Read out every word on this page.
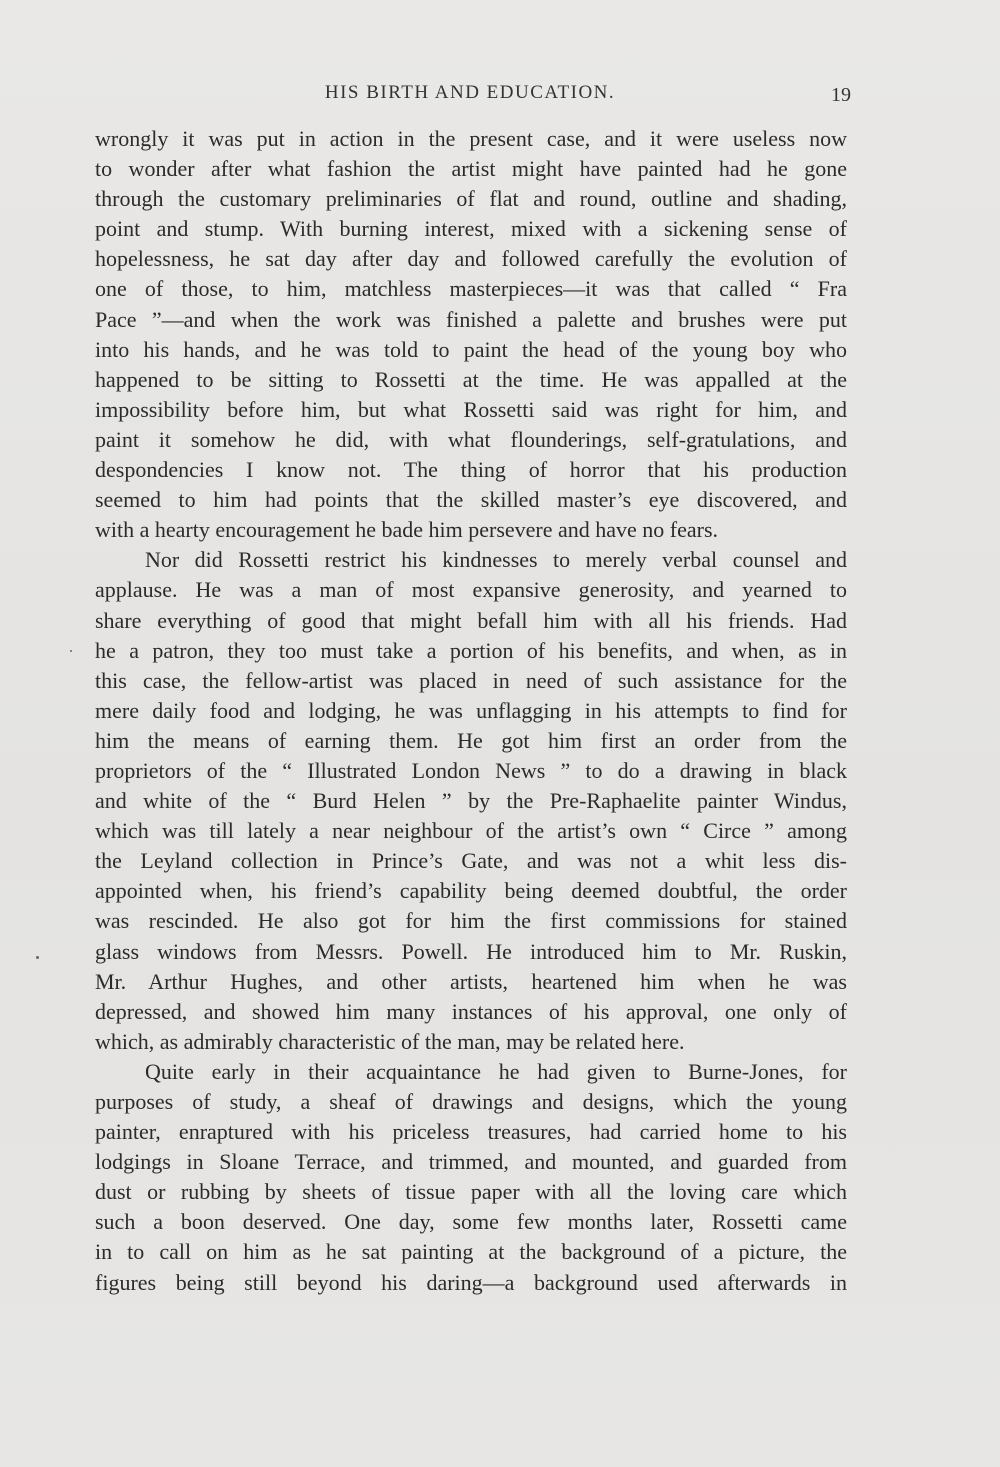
HIS BIRTH AND EDUCATION.	19
wrongly it was put in action in the present case, and it were useless now
to wonder after what fashion the artist might have painted had he gone
through the customary preliminaries of flat and round, outline and shading,
point and stump. With burning interest, mixed with a sickening sense of
hopelessness, he sat day after day and followed carefully the evolution of
one of those, to him, matchless masterpieces—it was that called “ Fra
Pace ”—and when the work was finished a palette and brushes were put
into his hands, and he was told to paint the head of the young boy who
happened to be sitting to Rossetti at the time. He was appalled at the
impossibility before him, but what Rossetti said was right for him, and
paint it somehow he did, with what flounderings, self-gratulations, and
despondencies I know not. The thing of horror that his production
seemed to him had points that the skilled master’s eye discovered, and
with a hearty encouragement he bade him persevere and have no fears.
Nor did Rossetti restrict his kindnesses to merely verbal counsel and
applause. He was a man of most expansive generosity, and yearned to
share everything of good that might befall him with all his friends. Had
he a patron, they too must take a portion of his benefits, and when, as in
this case, the fellow-artist was placed in need of such assistance for the
mere daily food and lodging, he was unflagging in his attempts to find for
him the means of earning them. He got him first an order from the
proprietors of the “ Illustrated London News ” to do a drawing in black
and white of the “ Burd Helen ” by the Pre-Raphaelite painter Windus,
which was till lately a near neighbour of the artist’s own “ Circe ” among
the Leyland collection in Prince’s Gate, and was not a whit less dis-
appointed when, his friend’s capability being deemed doubtful, the order
was rescinded. He also got for him the first commissions for stained
glass windows from Messrs. Powell. He introduced him to Mr. Ruskin,
Mr. Arthur Hughes, and other artists, heartened him when he was
depressed, and showed him many instances of his approval, one only of
which, as admirably characteristic of the man, may be related here.
Quite early in their acquaintance he had given to Burne-Jones, for
purposes of study, a sheaf of drawings and designs, which the young
painter, enraptured with his priceless treasures, had carried home to his
lodgings in Sloane Terrace, and trimmed, and mounted, and guarded from
dust or rubbing by sheets of tissue paper with all the loving care which
such a boon deserved. One day, some few months later, Rossetti came
in to call on him as he sat painting at the background of a picture, the
figures being still beyond his daring—a background used afterwards in
